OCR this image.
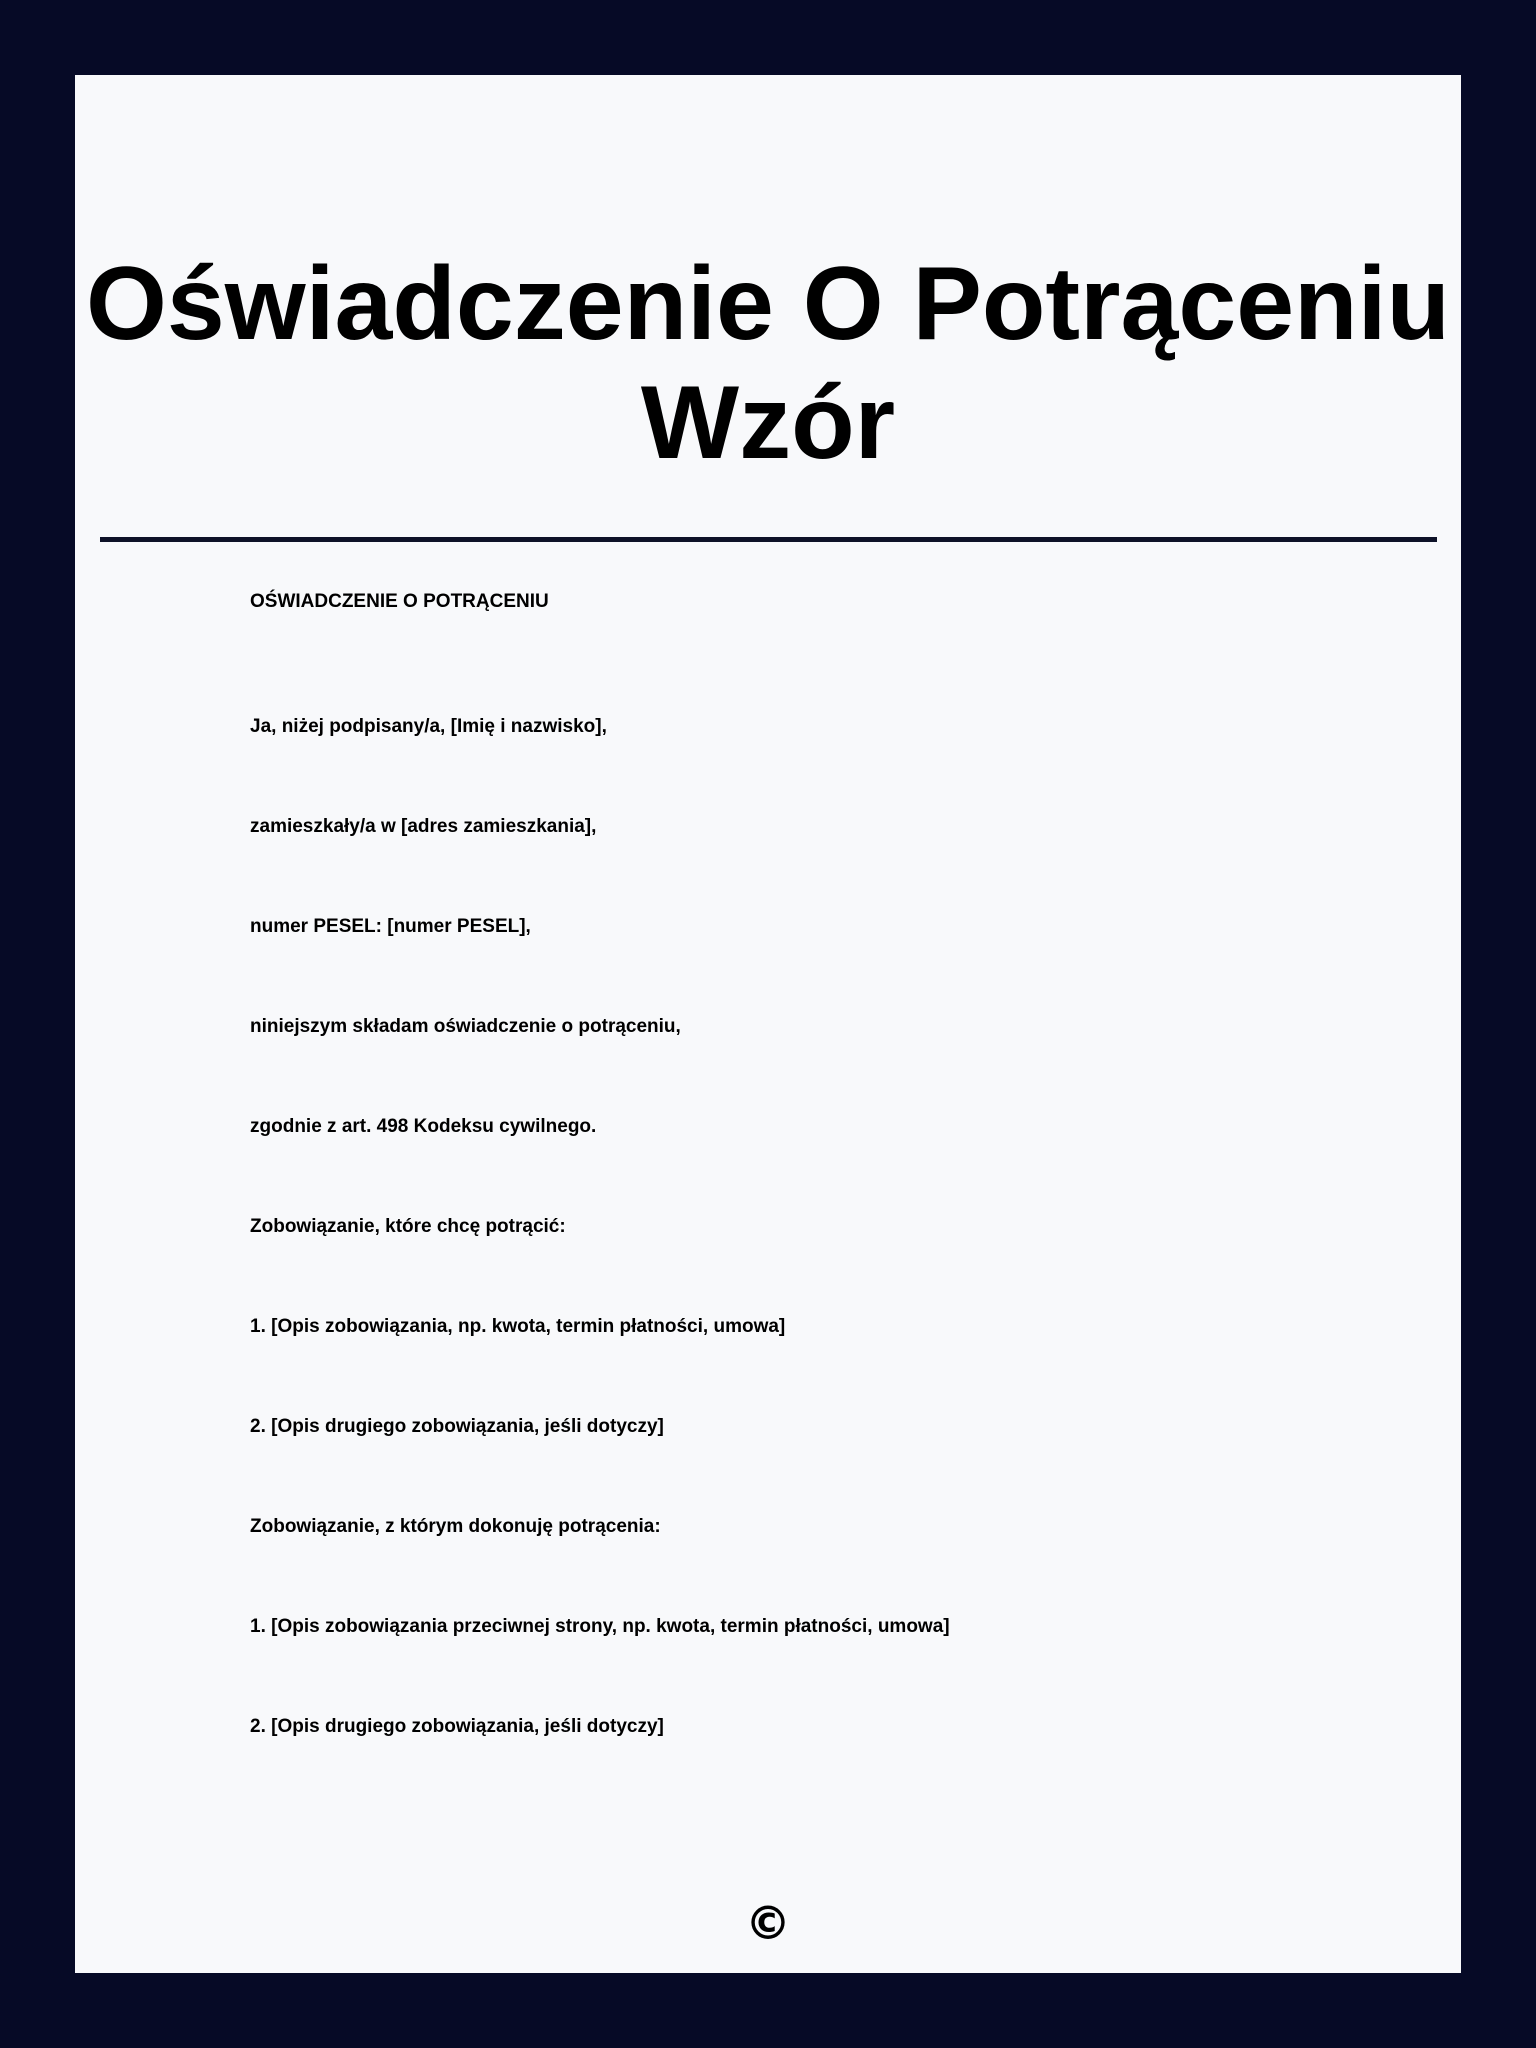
Oświadczenie O Potrąceniu Wzór
OŚWIADCZENIE O POTRĄCENIU
Ja, niżej podpisany/a, [Imię i nazwisko],
zamieszkały/a w [adres zamieszkania],
numer PESEL: [numer PESEL],
niniejszym składam oświadczenie o potrąceniu,
zgodnie z art. 498 Kodeksu cywilnego.
Zobowiązanie, które chcę potrącić:
1. [Opis zobowiązania, np. kwota, termin płatności, umowa]
2. [Opis drugiego zobowiązania, jeśli dotyczy]
Zobowiązanie, z którym dokonuję potrącenia:
1. [Opis zobowiązania przeciwnej strony, np. kwota, termin płatności, umowa]
2. [Opis drugiego zobowiązania, jeśli dotyczy]
©
